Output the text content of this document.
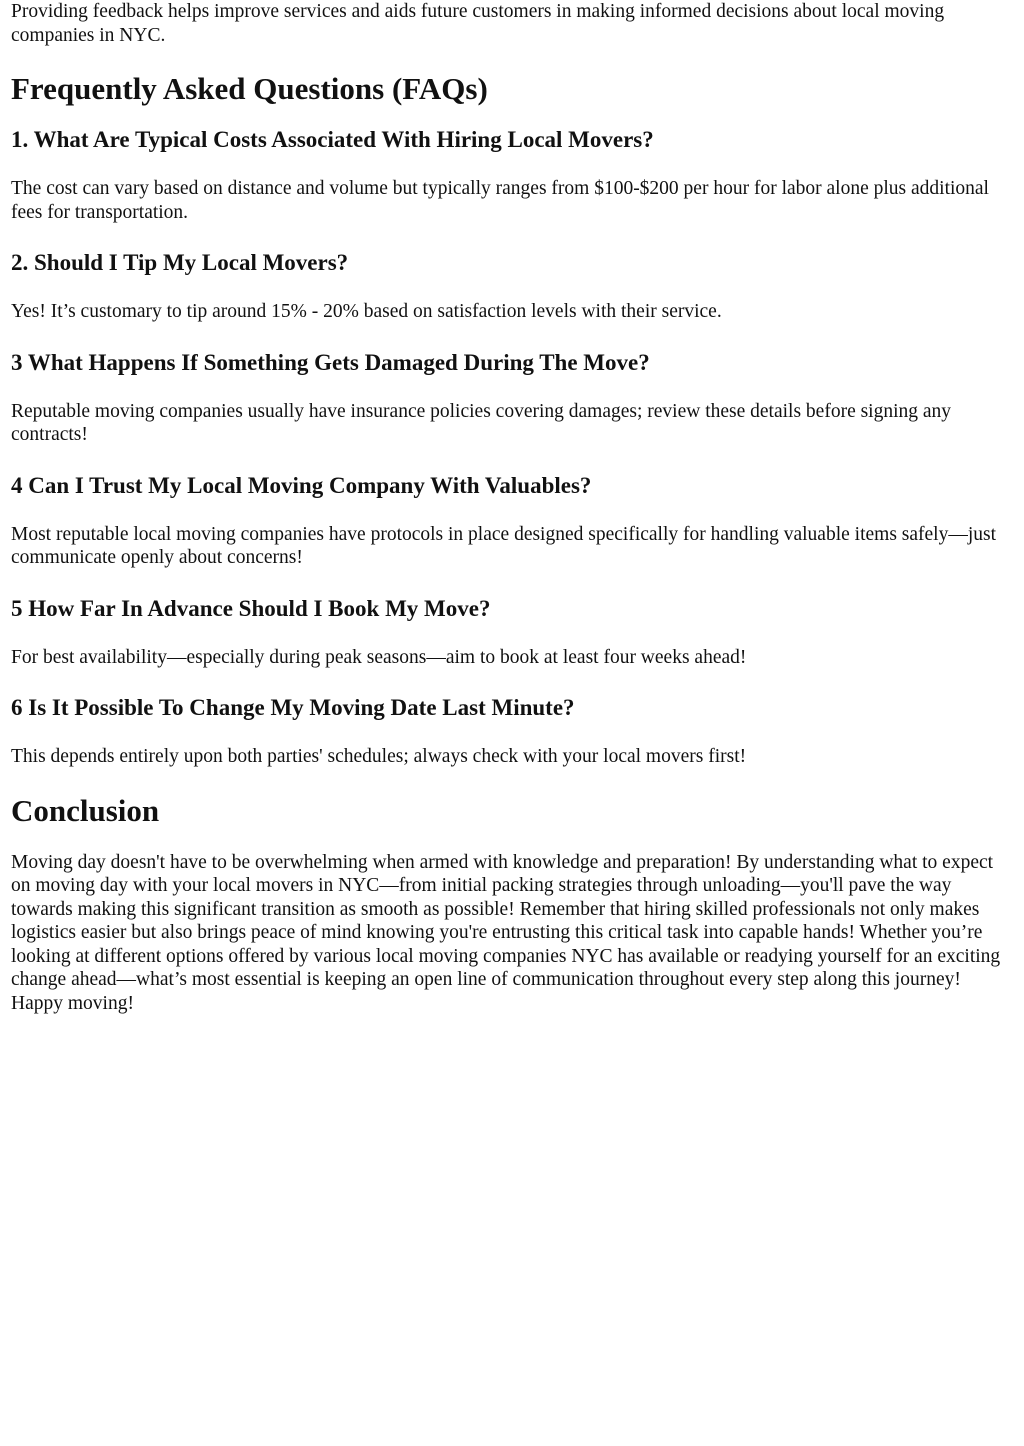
Providing feedback helps improve services and aids future customers in making informed decisions about local moving companies in NYC.

Frequently Asked Questions (FAQs)
1. What Are Typical Costs Associated With Hiring Local Movers?

The cost can vary based on distance and volume but typically ranges from $100-$200 per hour for labor alone plus additional fees for transportation.

2. Should I Tip My Local Movers?

Yes! It’s customary to tip around 15% - 20% based on satisfaction levels with their service.

3 What Happens If Something Gets Damaged During The Move?

Reputable moving companies usually have insurance policies covering damages; review these details before signing any contracts!

4 Can I Trust My Local Moving Company With Valuables?

Most reputable local moving companies have protocols in place designed specifically for handling valuable items safely—just communicate openly about concerns!

5 How Far In Advance Should I Book My Move?

For best availability—especially during peak seasons—aim to book at least four weeks ahead!

6 Is It Possible To Change My Moving Date Last Minute?

This depends entirely upon both parties' schedules; always check with your local movers first!

Conclusion

Moving day doesn't have to be overwhelming when armed with knowledge and preparation! By understanding what to expect on moving day with your local movers in NYC—from initial packing strategies through unloading—you'll pave the way towards making this significant transition as smooth as possible! Remember that hiring skilled professionals not only makes logistics easier but also brings peace of mind knowing you're entrusting this critical task into capable hands! Whether you’re looking at different options offered by various local moving companies NYC has available or readying yourself for an exciting change ahead—what’s most essential is keeping an open line of communication throughout every step along this journey! Happy moving!
